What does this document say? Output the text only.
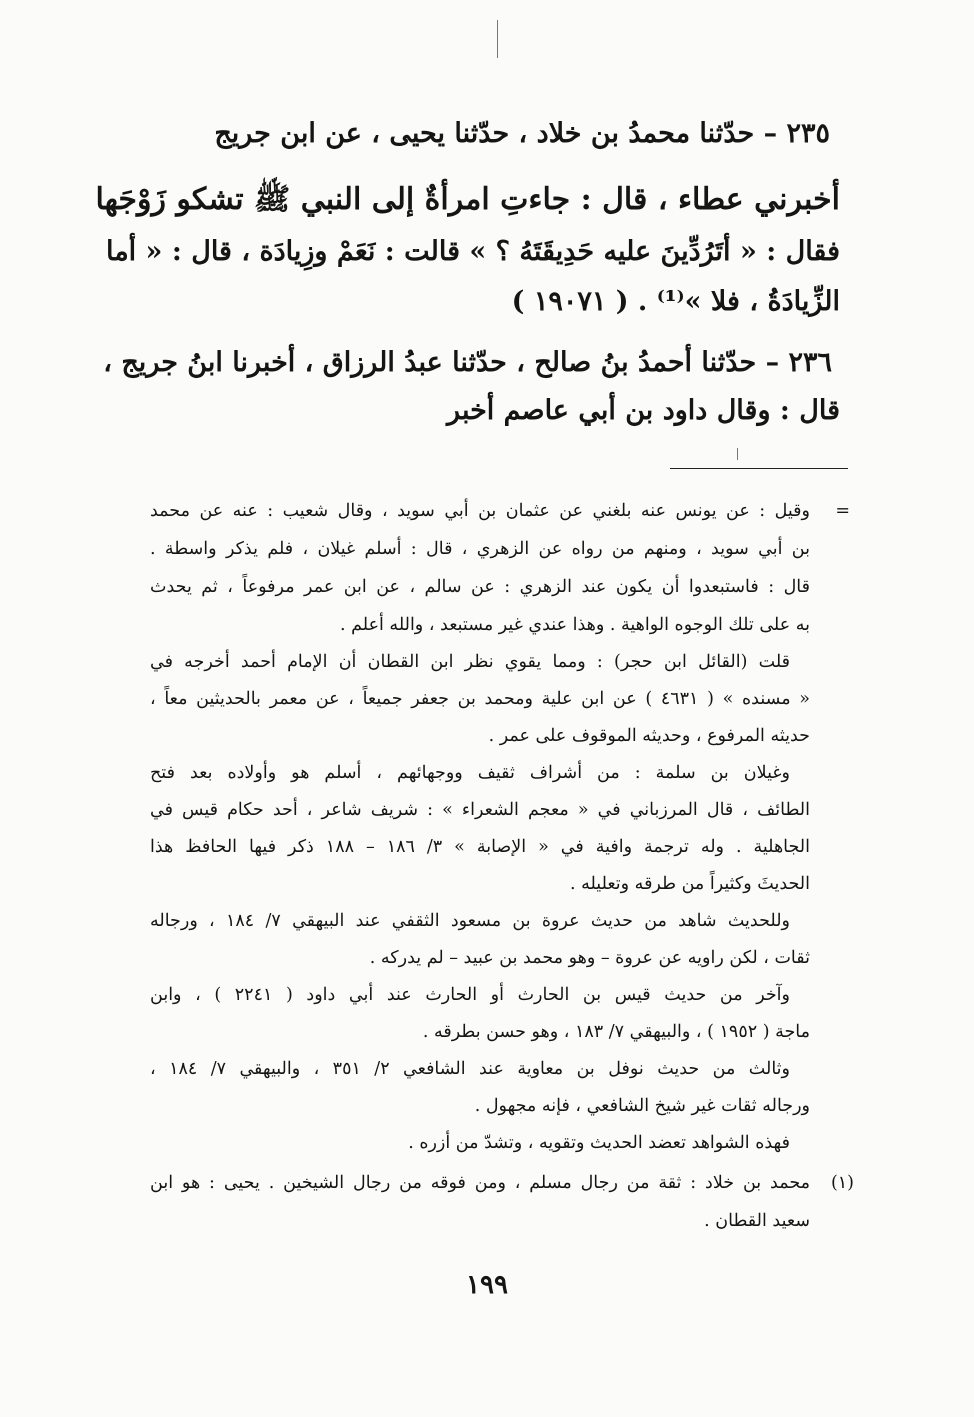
٢٣٥ – حدّثنا محمدُ بن خلاد ، حدّثنا يحيى ، عن ابن جريج
أخبرني عطاء ، قال : جاءتِ امرأةٌ إلى النبي ﷺ تشكو زَوْجَها
فقال : « أتَرُدِّينَ عليه حَدِيقَتَهُ ؟ » قالت : نَعَمْ وزِيادَة ، قال : « أما
الزِّيادَةُ ، فلا »⁽¹⁾ . ( ١٩٠٧١ )
٢٣٦ – حدّثنا أحمدُ بنُ صالح ، حدّثنا عبدُ الرزاق ، أخبرنا ابنُ جريج ،
قال : وقال داود بن أبي عاصم أخبر
=
وقيل : عن يونس عنه بلغني عن عثمان بن أبي سويد ، وقال شعيب : عنه عن محمد
بن أبي سويد ، ومنهم من رواه عن الزهري ، قال : أسلم غيلان ، فلم يذكر واسطة .
قال : فاستبعدوا أن يكون عند الزهري : عن سالم ، عن ابن عمر مرفوعاً ، ثم يحدث
به على تلك الوجوه الواهية . وهذا عندي غير مستبعد ، والله أعلم .
قلت (القائل ابن حجر) : ومما يقوي نظر ابن القطان أن الإمام أحمد أخرجه في
« مسنده » ( ٤٦٣١ ) عن ابن علية ومحمد بن جعفر جميعاً ، عن معمر بالحديثين معاً ،
حديثه المرفوع ، وحديثه الموقوف على عمر .
وغيلان بن سلمة : من أشراف ثقيف ووجهائهم ، أسلم هو وأولاده بعد فتح
الطائف ، قال المرزباني في « معجم الشعراء » : شريف شاعر ، أحد حكام قيس في
الجاهلية . وله ترجمة وافية في « الإصابة » ٣/ ١٨٦ – ١٨٨ ذكر فيها الحافظ هذا
الحديثَ وكثيراً من طرقه وتعليله .
وللحديث شاهد من حديث عروة بن مسعود الثقفي عند البيهقي ٧/ ١٨٤ ، ورجاله
ثقات ، لكن راويه عن عروة – وهو محمد بن عبيد – لم يدركه .
وآخر من حديث قيس بن الحارث أو الحارث عند أبي داود ( ٢٢٤١ ) ، وابن
ماجة ( ١٩٥٢ ) ، والبيهقي ٧/ ١٨٣ ، وهو حسن بطرقه .
وثالث من حديث نوفل بن معاوية عند الشافعي ٢/ ٣٥١ ، والبيهقي ٧/ ١٨٤ ،
ورجاله ثقات غير شيخ الشافعي ، فإنه مجهول .
فهذه الشواهد تعضد الحديث وتقويه ، وتشدّ من أزره .
(١)
محمد بن خلاد : ثقة من رجال مسلم ، ومن فوقه من رجال الشيخين . يحيى : هو ابن
سعيد القطان .
١٩٩
